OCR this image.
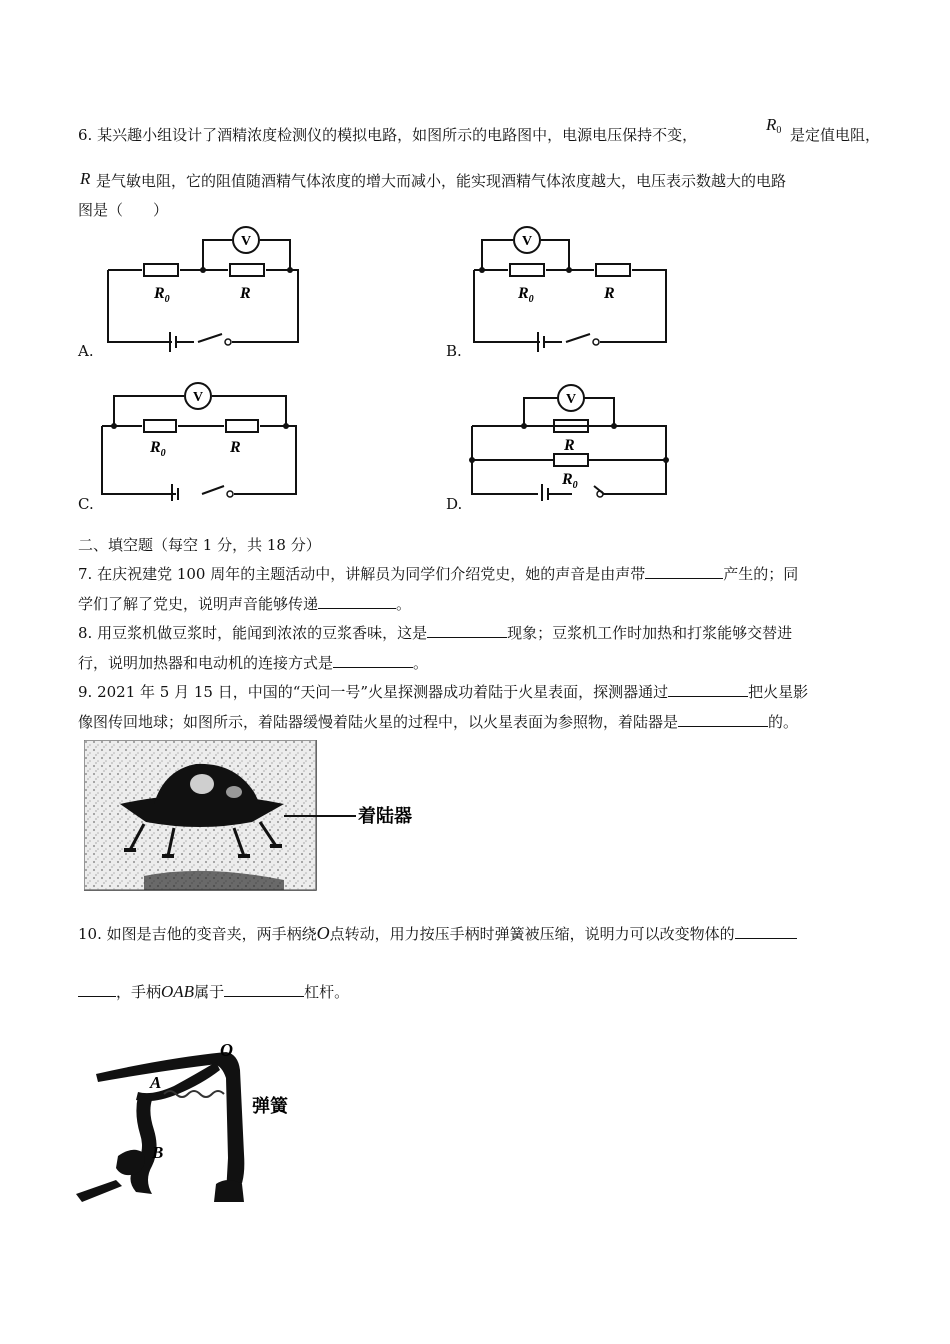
6. 某兴趣小组设计了酒精浓度检测仪的模拟电路，如图所示的电路图中，电源电压保持不变，
$R_0$ 是定值电阻，
R 是气敏电阻，它的阻值随酒精气体浓度的增大而减小，能实现酒精气体浓度越大，电压表示数越大的电路
图是（　　）
V
$R_0$	R
A.
V
$R_0$	R
B.
V
$R_0$	R
C.
V
R
$R_0$
D.
二、填空题（每空 1 分，共 18 分）
7. 在庆祝建党 100 周年的主题活动中，讲解员为同学们介绍党史，她的声音是由声带	产生的；同
学们了解了党史，说明声音能够传递	。
8. 用豆浆机做豆浆时，能闻到浓浓的豆浆香味，这是	现象；豆浆机工作时加热和打浆能够交替进
行，说明加热器和电动机的连接方式是	。
9. 2021 年 5 月 15 日，中国的“天问一号”火星探测器成功着陆于火星表面，探测器通过	把火星影
像图传回地球；如图所示，着陆器缓慢着陆火星的过程中，以火星表面为参照物，着陆器是	的。
着陆器
10. 如图是吉他的变音夹，两手柄绕O点转动，用力按压手柄时弹簧被压缩，说明力可以改变物体的
，手柄OAB属于	杠杆。
O
A
B
弹簧
